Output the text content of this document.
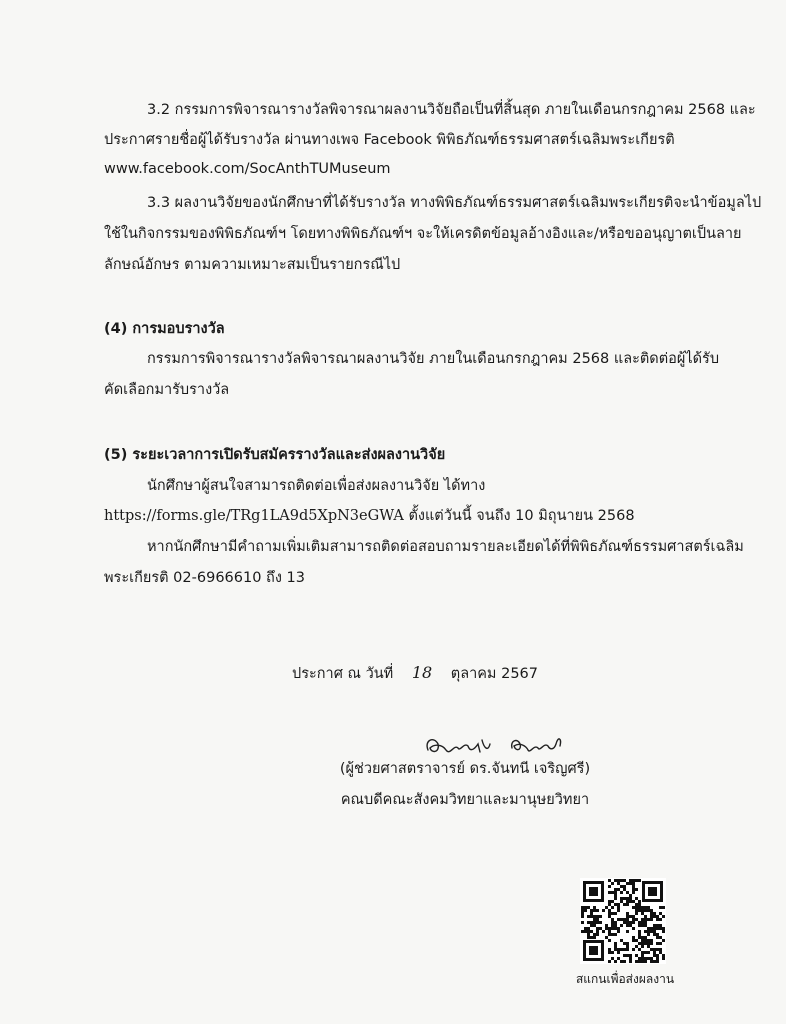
3.2 กรรมการพิจารณารางวัลพิจารณาผลงานวิจัยถือเป็นที่สิ้นสุด ภายในเดือนกรกฎาคม 2568 และ
ประกาศรายชื่อผู้ได้รับรางวัล ผ่านทางเพจ Facebook พิพิธภัณฑ์ธรรมศาสตร์เฉลิมพระเกียรติ
www.facebook.com/SocAnthTUMuseum
3.3 ผลงานวิจัยของนักศึกษาที่ได้รับรางวัล ทางพิพิธภัณฑ์ธรรมศาสตร์เฉลิมพระเกียรติจะนำข้อมูลไป
ใช้ในกิจกรรมของพิพิธภัณฑ์ฯ โดยทางพิพิธภัณฑ์ฯ จะให้เครดิตข้อมูลอ้างอิงและ/หรือขออนุญาตเป็นลาย
ลักษณ์อักษร ตามความเหมาะสมเป็นรายกรณีไป
(4) การมอบรางวัล
กรรมการพิจารณารางวัลพิจารณาผลงานวิจัย ภายในเดือนกรกฎาคม 2568 และติดต่อผู้ได้รับ
คัดเลือกมารับรางวัล
(5) ระยะเวลาการเปิดรับสมัครรางวัลและส่งผลงานวิจัย
นักศึกษาผู้สนใจสามารถติดต่อเพื่อส่งผลงานวิจัย ได้ทาง
https://forms.gle/TRg1LA9d5XpN3eGWA ตั้งแต่วันนี้ จนถึง 10 มิถุนายน 2568
หากนักศึกษามีคำถามเพิ่มเติมสามารถติดต่อสอบถามรายละเอียดได้ที่พิพิธภัณฑ์ธรรมศาสตร์เฉลิม
พระเกียรติ 02-6966610 ถึง 13
ประกาศ ณ วันที่ 18 ตุลาคม 2567
(ผู้ช่วยศาสตราจารย์ ดร.จันทนี เจริญศรี)
คณบดีคณะสังคมวิทยาและมานุษยวิทยา
สแกนเพื่อส่งผลงาน
